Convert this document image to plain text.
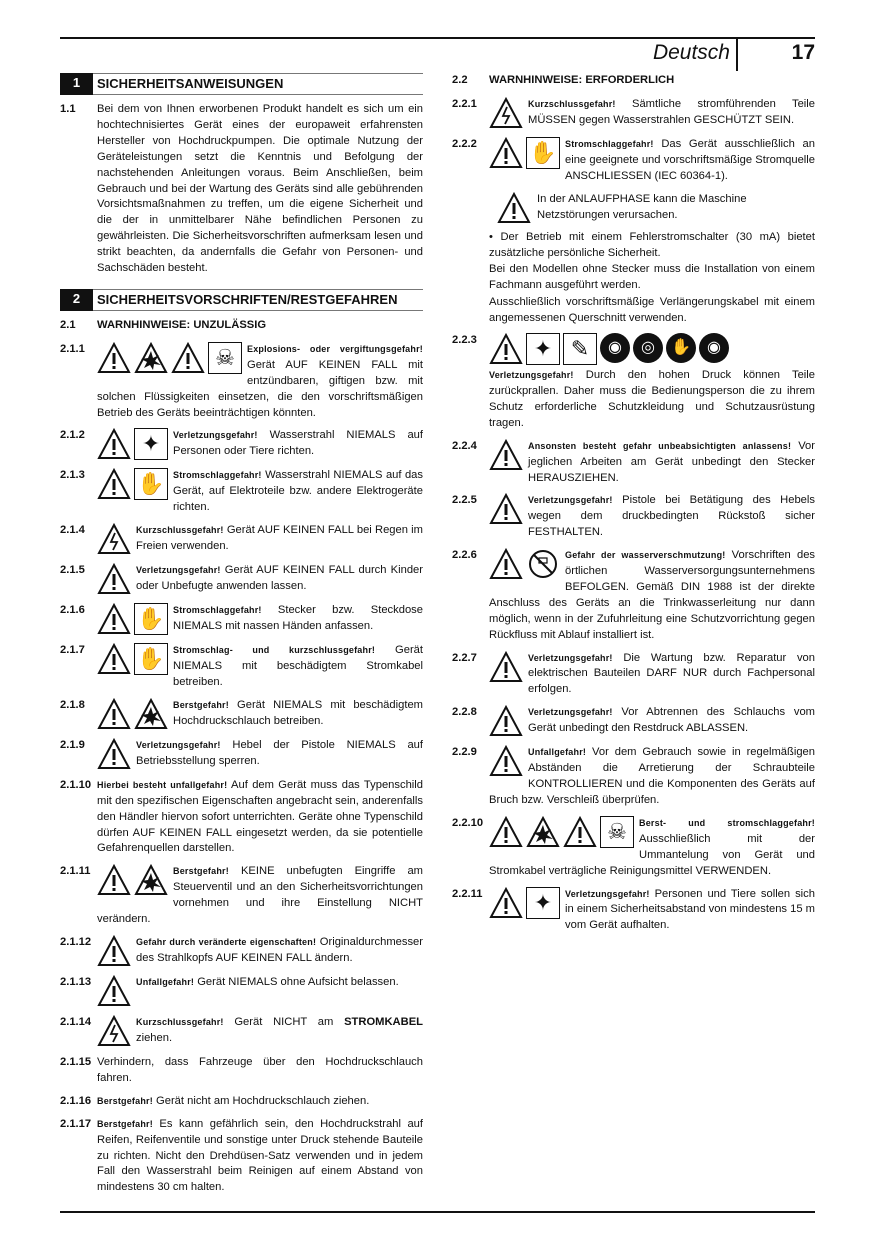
Deutsch	17
1	SICHERHEITSANWEISUNGEN
1.1	Bei dem von Ihnen erworbenen Produkt handelt es sich um ein hochtechnisiertes Gerät eines der europaweit erfahrensten Hersteller von Hochdruckpumpen. Die optimale Nutzung der Geräteleistungen setzt die Kenntnis und Befolgung der nachstehenden Anleitungen voraus. Beim Anschließen, beim Gebrauch und bei der Wartung des Geräts sind alle gebührenden Vorsichtsmaßnahmen zu treffen, um die eigene Sicherheit und die der in unmittelbarer Nähe befindlichen Personen zu gewährleisten. Die Sicherheitsvorschriften aufmerksam lesen und strikt beachten, da andernfalls die Gefahr von Personen- und Sachschäden besteht.
2	SICHERHEITSVORSCHRIFTEN/RESTGEFAHREN
2.1	WARNHINWEISE: UNZULÄSSIG
2.1.1	☠	Explosions- oder vergiftungsgefahr! Gerät AUF KEINEN FALL mit entzündbaren, giftigen bzw. mit solchen Flüssigkeiten einsetzen, die den vorschriftsmäßigen Betrieb des Geräts beeinträchtigen könnten.
2.1.2	✦	Verletzungsgefahr! Wasserstrahl NIEMALS auf Personen oder Tiere richten.
2.1.3	✋ Stromschlaggefahr! Wasserstrahl NIEMALS auf das Gerät, auf Elektroteile bzw. andere Elektrogeräte richten.
2.1.4	Kurzschlussgefahr! Gerät AUF KEINEN FALL bei Regen im Freien verwenden.
2.1.5	Verletzungsgefahr! Gerät AUF KEINEN FALL durch Kinder oder Unbefugte anwenden lassen.
2.1.6	✋ Stromschlaggefahr! Stecker bzw. Steckdose NIEMALS mit nassen Händen anfassen.
2.1.7	✋ Stromschlag- und kurzschlussgefahr! Gerät NIEMALS mit beschädigtem Stromkabel betreiben.
2.1.8	Berstgefahr! Gerät NIEMALS mit beschädigtem Hochdruckschlauch betreiben.
2.1.9	Verletzungsgefahr! Hebel der Pistole NIEMALS auf Betriebsstellung sperren.
2.1.10 Hierbei besteht unfallgefahr! Auf dem Gerät muss das Typenschild mit den spezifischen Eigenschaften angebracht sein, anderenfalls den Händler hiervon sofort unterrichten. Geräte ohne Typenschild dürfen AUF KEINEN FALL eingesetzt werden, da sie potentielle Gefahrenquellen darstellen.
2.1.11	Berstgefahr! KEINE unbefugten Eingriffe am Steuerventil und an den Sicherheitsvorrichtungen vornehmen und ihre Einstellung NICHT verändern.
2.1.12	Gefahr durch veränderte eigenschaften! Originaldurchmesser des Strahlkopfs AUF KEINEN FALL ändern.
2.1.13	Unfallgefahr! Gerät NIEMALS ohne Aufsicht belassen.
2.1.14	Kurzschlussgefahr! Gerät NICHT am STROMKABEL ziehen.
2.1.15 Verhindern, dass Fahrzeuge über den Hochdruckschlauch fahren.
2.1.16 Berstgefahr! Gerät nicht am Hochdruckschlauch ziehen.
2.1.17 Berstgefahr! Es kann gefährlich sein, den Hochdruckstrahl auf Reifen, Reifenventile und sonstige unter Druck stehende Bauteile zu richten. Nicht den Drehdüsen-Satz verwenden und in jedem Fall den Wasserstrahl beim Reinigen auf einem Abstand von mindestens 30 cm halten.
2.2	WARNHINWEISE: ERFORDERLICH
2.2.1	Kurzschlussgefahr! Sämtliche stromführenden Teile MÜSSEN gegen Wasserstrahlen GESCHÜTZT SEIN.
2.2.2	✋ Stromschlaggefahr! Das Gerät ausschließlich an eine geeignete und vorschriftsmäßige Stromquelle ANSCHLIESSEN (IEC 60364-1).
In der ANLAUFPHASE kann die Maschine Netzstörungen verursachen.
• Der Betrieb mit einem Fehlerstromschalter (30 mA) bietet zusätzliche persönliche Sicherheit.
Bei den Modellen ohne Stecker muss die Installation von einem Fachmann ausgeführt werden.
Ausschließlich vorschriftsmäßige Verlängerungskabel mit einem angemessenen Querschnitt verwenden.
2.2.3	✦ ✎	◉	◎	✋	◉
Verletzungsgefahr! Durch den hohen Druck können Teile zurückprallen. Daher muss die Bedienungsperson die zu ihrem Schutz erforderliche Schutzkleidung und Schutzausrüstung tragen.
2.2.4	Ansonsten besteht gefahr unbeabsichtigten anlassens! Vor jeglichen Arbeiten am Gerät unbedingt den Stecker HERAUSZIEHEN.
2.2.5	Verletzungsgefahr! Pistole bei Betätigung des Hebels wegen dem druckbedingten Rückstoß sicher FESTHALTEN.
2.2.6	Gefahr der wasserverschmutzung! Vorschriften des örtlichen Wasserversorgungsunternehmens BEFOLGEN. Gemäß DIN 1988 ist der direkte Anschluss des Geräts an die Trinkwasserleitung nur dann möglich, wenn in der Zufuhrleitung eine Schutzvorrichtung gegen Rückfluss mit Ablauf installiert ist.
2.2.7	Verletzungsgefahr! Die Wartung bzw. Reparatur von elektrischen Bauteilen DARF NUR durch Fachpersonal erfolgen.
2.2.8	Verletzungsgefahr! Vor Abtrennen des Schlauchs vom Gerät unbedingt den Restdruck ABLASSEN.
2.2.9	Unfallgefahr! Vor dem Gebrauch sowie in regelmäßigen Abständen die Arretierung der Schraubteile KONTROLLIEREN und die Komponenten des Geräts auf Bruch bzw. Verschleiß überprüfen.
2.2.10	☠	Berst- und stromschlaggefahr! Ausschließlich mit der Ummantelung von Gerät und Stromkabel verträgliche Reinigungsmittel VERWENDEN.
2.2.11	✦	Verletzungsgefahr! Personen und Tiere sollen sich in einem Sicherheitsabstand von mindestens 15 m vom Gerät aufhalten.
